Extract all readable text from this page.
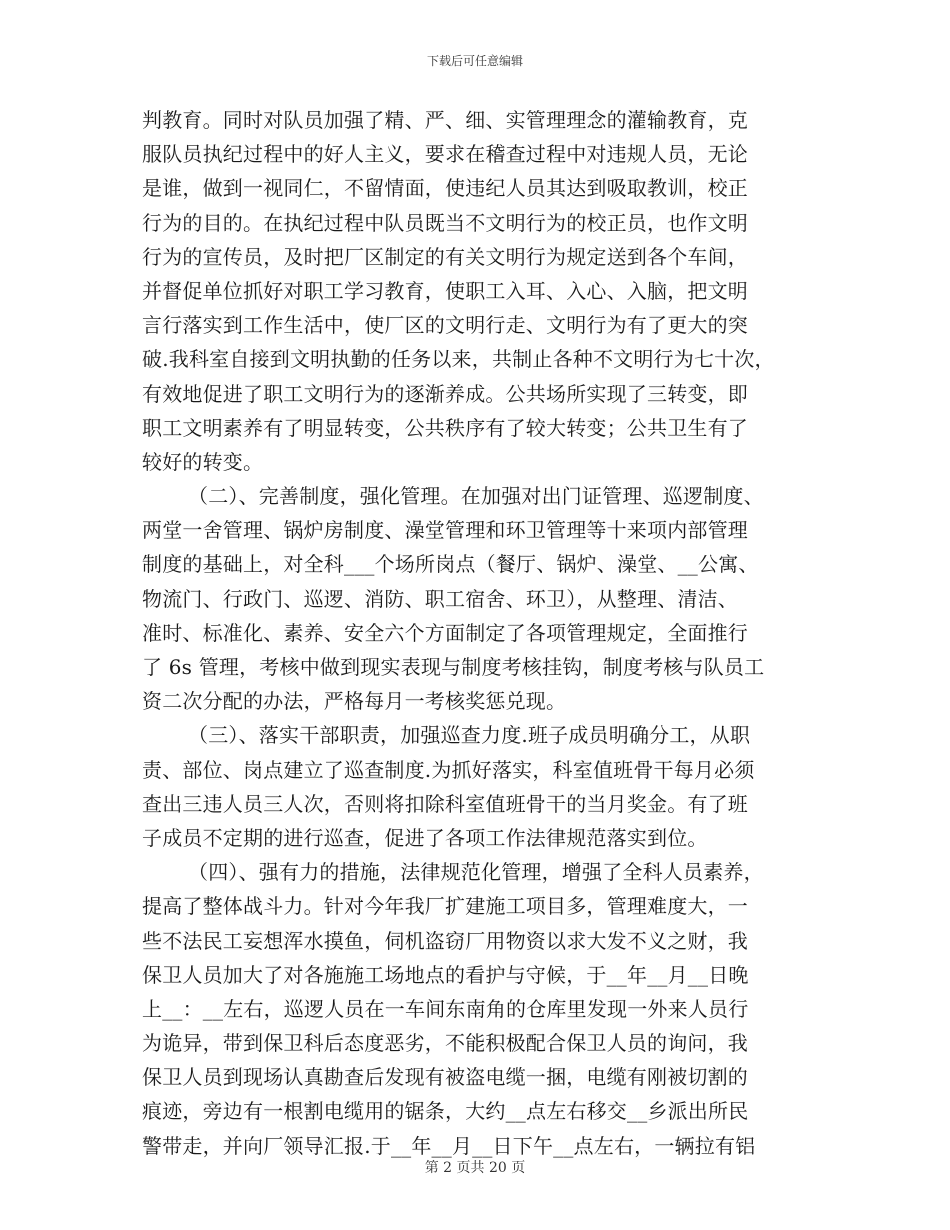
下载后可任意编辑
判教育。同时对队员加强了精、严、细、实管理理念的灌输教育，克
服队员执纪过程中的好人主义，要求在稽查过程中对违规人员，无论
是谁，做到一视同仁，不留情面，使违纪人员其达到吸取教训，校正
行为的目的。在执纪过程中队员既当不文明行为的校正员，也作文明
行为的宣传员，及时把厂区制定的有关文明行为规定送到各个车间，
并督促单位抓好对职工学习教育，使职工入耳、入心、入脑，把文明
言行落实到工作生活中，使厂区的文明行走、文明行为有了更大的突
破.我科室自接到文明执勤的任务以来，共制止各种不文明行为七十次，
有效地促进了职工文明行为的逐渐养成。公共场所实现了三转变，即
职工文明素养有了明显转变，公共秩序有了较大转变；公共卫生有了
较好的转变。
（二）、完善制度，强化管理。在加强对出门证管理、巡逻制度、
两堂一舍管理、锅炉房制度、澡堂管理和环卫管理等十来项内部管理
制度的基础上，对全科___个场所岗点（餐厅、锅炉、澡堂、__公寓、
物流门、行政门、巡逻、消防、职工宿舍、环卫），从整理、清洁、
准时、标准化、素养、安全六个方面制定了各项管理规定，全面推行
了 6s 管理，考核中做到现实表现与制度考核挂钩，制度考核与队员工
资二次分配的办法，严格每月一考核奖惩兑现。
（三）、落实干部职责，加强巡查力度.班子成员明确分工，从职
责、部位、岗点建立了巡查制度.为抓好落实，科室值班骨干每月必须
查出三违人员三人次，否则将扣除科室值班骨干的当月奖金。有了班
子成员不定期的进行巡查，促进了各项工作法律规范落实到位。
（四）、强有力的措施，法律规范化管理，增强了全科人员素养，
提高了整体战斗力。针对今年我厂扩建施工项目多，管理难度大，一
些不法民工妄想浑水摸鱼，伺机盗窃厂用物资以求大发不义之财，我
保卫人员加大了对各施施工场地点的看护与守候，于__年__月__日晚
上__：__左右，巡逻人员在一车间东南角的仓库里发现一外来人员行
为诡异，带到保卫科后态度恶劣，不能积极配合保卫人员的询问，我
保卫人员到现场认真勘查后发现有被盗电缆一捆，电缆有刚被切割的
痕迹，旁边有一根割电缆用的锯条，大约__点左右移交__乡派出所民
警带走，并向厂领导汇报.于__年__月__日下午__点左右，一辆拉有铝
第 2 页共 20 页
